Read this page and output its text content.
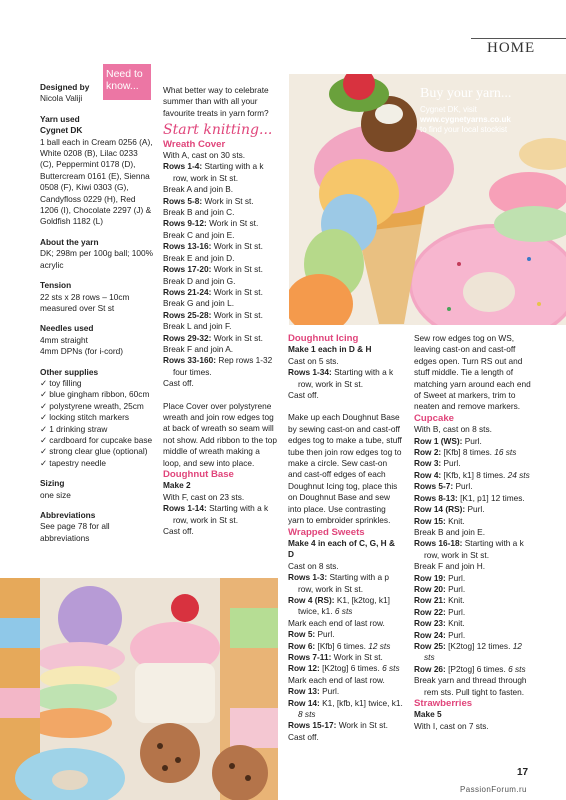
HOME
Need to know...

Designed by

Nicola Valiji

Yarn used

Cygnet DK

1 ball each in Cream 0256 (A), White 0208 (B), Lilac 0233 (C), Peppermint 0178 (D), Buttercream 0161 (E), Sienna 0508 (F), Kiwi 0303 (G), Candyfloss 0229 (H), Red 1206 (I), Chocolate 2297 (J) & Goldfish 1182 (L)

About the yarn

DK; 298m per 100g ball; 100% acrylic

Tension

22 sts x 28 rows – 10cm measured over St st

Needles used

4mm straight

4mm DPNs (for i-cord)

Other supplies

✓ toy filling
✓ blue gingham ribbon, 60cm
✓ polystyrene wreath, 25cm
✓ locking stitch markers
✓ 1 drinking straw
✓ cardboard for cupcake base
✓ strong clear glue (optional)
✓ tapestry needle

Sizing

one size

Abbreviations

See page 78 for all abbreviations

What better way to celebrate summer than with all your favourite treats in yarn form?

Start knitting...

Wreath Cover

With A, cast on 30 sts.

Rows 1-4: Starting with a k row, work in St st.

Break A and join B.

Rows 5-8: Work in St st.

Break B and join C.

Rows 9-12: Work in St st.

Break C and join E.

Rows 13-16: Work in St st.

Break E and join D.

Rows 17-20: Work in St st.

Break D and join G.

Rows 21-24: Work in St st.

Break G and join L.

Rows 25-28: Work in St st.

Break L and join F.

Rows 29-32: Work in St st.

Break F and join A.

Rows 33-160: Rep rows 1-32 four times.

Cast off.

Place Cover over polystyrene wreath and join row edges tog at back of wreath so seam will not show. Add ribbon to the top middle of wreath making a loop, and sew into place.

Doughnut Base

Make 2

With F, cast on 23 sts.

Rows 1-14: Starting with a k row, work in St st.

Cast off.

Buy your yarn...

Cygnet DK, visit

www.cygnetyarns.co.uk

to find your local stockist

Doughnut Icing

Make 1 each in D & H

Cast on 5 sts.

Rows 1-34: Starting with a k row, work in St st.

Cast off.

Make up each Doughnut Base by sewing cast-on and cast-off edges tog to make a tube, stuff tube then join row edges tog to make a circle. Sew cast-on and cast-off edges of each Doughnut Icing tog, place this on Doughnut Base and sew into place. Use contrasting yarn to embroider sprinkles.

Wrapped Sweets

Make 4 in each of C, G, H & D

Cast on 8 sts.

Rows 1-3: Starting with a p row, work in St st.

Row 4 (RS): K1, [k2tog, k1] twice, k1. 6 sts

Mark each end of last row.

Row 5: Purl.

Row 6: [Kfb] 6 times. 12 sts

Rows 7-11: Work in St st.

Row 12: [K2tog] 6 times. 6 sts

Mark each end of last row.

Row 13: Purl.

Row 14: K1, [kfb, k1] twice, k1. 8 sts

Rows 15-17: Work in St st.

Cast off.

Sew row edges tog on WS, leaving cast-on and cast-off edges open. Turn RS out and stuff middle. Tie a length of matching yarn around each end of Sweet at markers, trim to neaten and remove markers.

Cupcake

With B, cast on 8 sts.

Row 1 (WS): Purl.

Row 2: [Kfb] 8 times. 16 sts

Row 3: Purl.

Row 4: [Kfb, k1] 8 times. 24 sts

Rows 5-7: Purl.

Rows 8-13: [K1, p1] 12 times.

Row 14 (RS): Purl.

Row 15: Knit.

Break B and join E.

Rows 16-18: Starting with a k row, work in St st.

Break F and join H.

Row 19: Purl.

Row 20: Purl.

Row 21: Knit.

Row 22: Purl.

Row 23: Knit.

Row 24: Purl.

Row 25: [K2tog] 12 times. 12 sts

Row 26: [P2tog] 6 times. 6 sts

Break yarn and thread through rem sts. Pull tight to fasten.

Strawberries

Make 5

With I, cast on 7 sts.

17
PassionForum.ru
